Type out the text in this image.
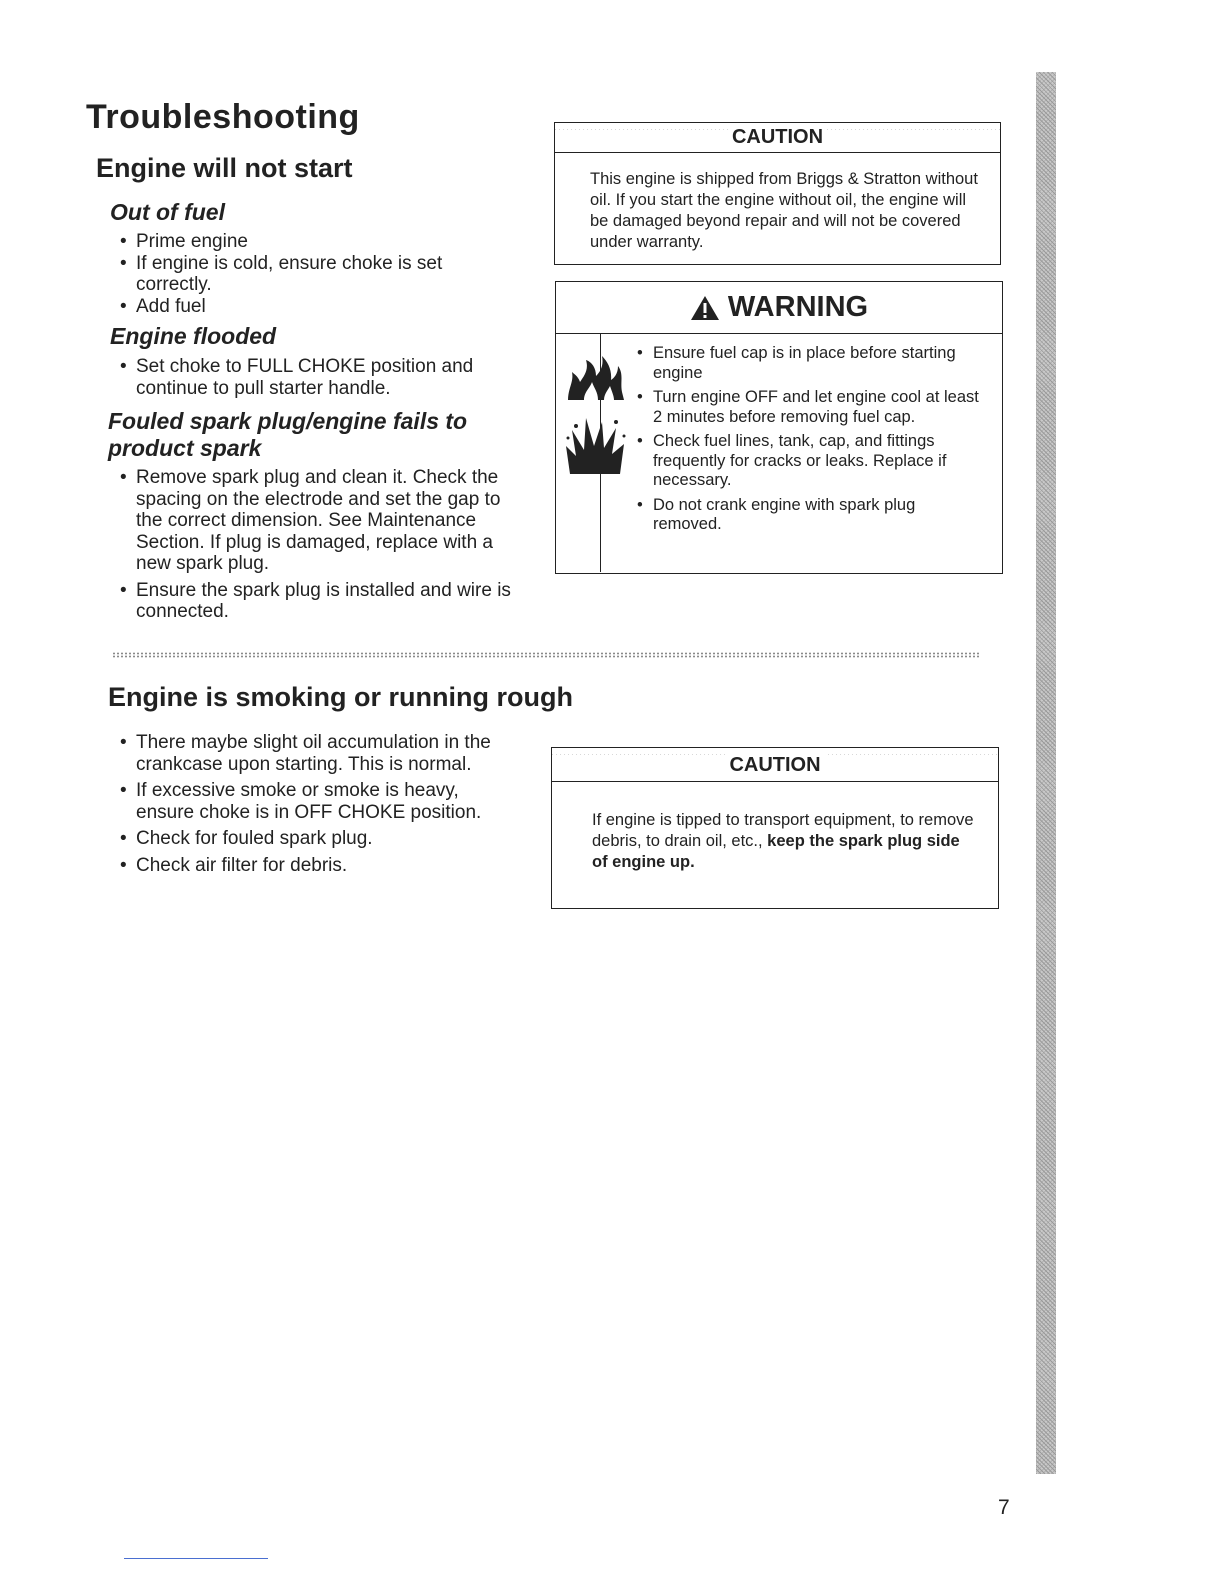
Troubleshooting
Engine will not start
Out of fuel
• Prime engine
• If engine is cold, ensure choke is set correctly.
• Add fuel
Engine flooded
• Set choke to FULL CHOKE position and continue to pull starter handle.
Fouled spark plug/engine fails to product spark
• Remove spark plug and clean it. Check the spacing on the electrode and set the gap to the correct dimension. See Maintenance Section. If plug is damaged, replace with a new spark plug.
• Ensure the spark plug is installed and wire is connected.
CAUTION
This engine is shipped from Briggs & Stratton without oil. If you start the engine without oil, the engine will be damaged beyond repair and will not be covered under warranty.
WARNING
• Ensure fuel cap is in place before starting engine
• Turn engine OFF and let engine cool at least 2 minutes before removing fuel cap.
• Check fuel lines, tank, cap, and fittings frequently for cracks or leaks. Replace if necessary.
• Do not crank engine with spark plug removed.
Engine is smoking or running rough
• There maybe slight oil accumulation in the crankcase upon starting. This is normal.
• If excessive smoke or smoke is heavy, ensure choke is in OFF CHOKE position.
• Check for fouled spark plug.
• Check air filter for debris.
CAUTION
If engine is tipped to transport equipment, to remove debris, to drain oil, etc., keep the spark plug side of engine up.
7
